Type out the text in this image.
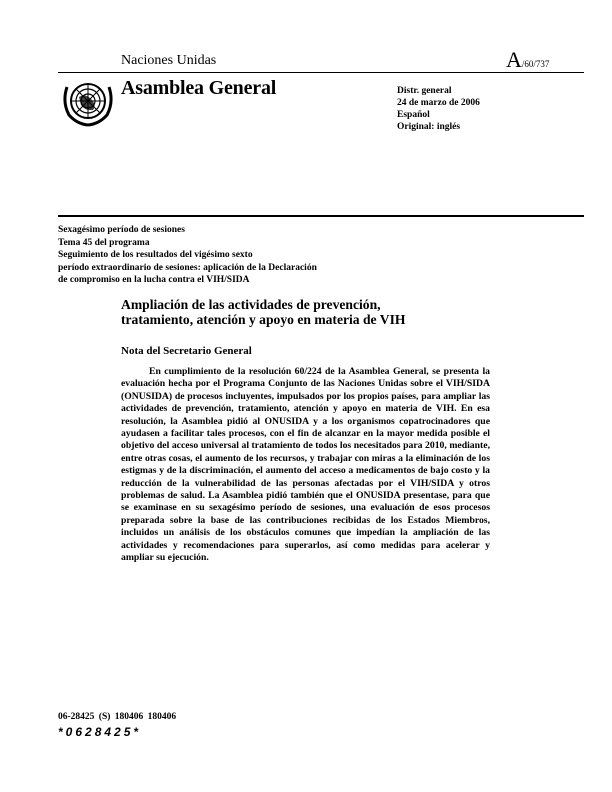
Naciones Unidas	A/60/737
Asamblea General	Distr. general
24 de marzo de 2006
Español
Original: inglés
Sexagésimo período de sesiones
Tema 45 del programa
Seguimiento de los resultados del vigésimo sexto
período extraordinario de sesiones: aplicación de la Declaración
de compromiso en la lucha contra el VIH/SIDA
Ampliación de las actividades de prevención,
tratamiento, atención y apoyo en materia de VIH
Nota del Secretario General
En cumplimiento de la resolución 60/224 de la Asamblea General, se presenta la evaluación hecha por el Programa Conjunto de las Naciones Unidas sobre el VIH/SIDA (ONUSIDA) de procesos incluyentes, impulsados por los propios países, para ampliar las actividades de prevención, tratamiento, atención y apoyo en materia de VIH. En esa resolución, la Asamblea pidió al ONUSIDA y a los organismos copatrocinadores que ayudasen a facilitar tales procesos, con el fin de alcanzar en la mayor medida posible el objetivo del acceso universal al tratamiento de todos los necesitados para 2010, mediante, entre otras cosas, el aumento de los recursos, y trabajar con miras a la eliminación de los estigmas y de la discriminación, el aumento del acceso a medicamentos de bajo costo y la reducción de la vulnerabilidad de las personas afectadas por el VIH/SIDA y otros problemas de salud. La Asamblea pidió también que el ONUSIDA presentase, para que se examinase en su sexagésimo período de sesiones, una evaluación de esos procesos preparada sobre la base de las contribuciones recibidas de los Estados Miembros, incluidos un análisis de los obstáculos comunes que impedían la ampliación de las actividades y recomendaciones para superarlos, así como medidas para acelerar y ampliar su ejecución.
06-28425 (S) 180406 180406
*0628425*
